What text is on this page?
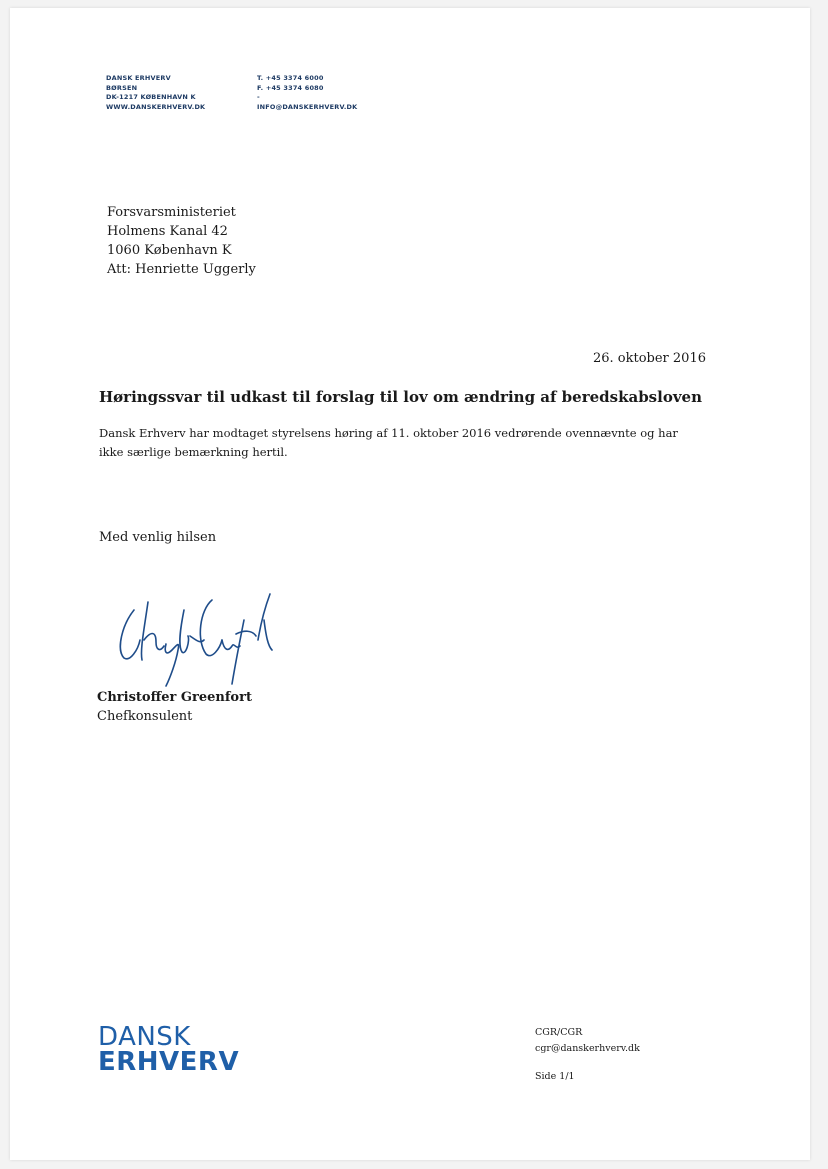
DANSK ERHVERV
BØRSEN
DK-1217 KØBENHAVN K
WWW.DANSKERHVERV.DK
T. +45 3374 6000
F. +45 3374 6080
-
INFO@DANSKERHVERV.DK
Forsvarsministeriet
Holmens Kanal 42
1060 København K
Att: Henriette Uggerly
26. oktober 2016
Høringssvar til udkast til forslag til lov om ændring af beredskabsloven
Dansk Erhverv har modtaget styrelsens høring af 11. oktober 2016 vedrørende ovennævnte og har ikke særlige bemærkning hertil.
Med venlig hilsen
Christoffer Greenfort
Chefkonsulent
DANSK
ERHVERV
CGR/CGR
cgr@danskerhverv.dk
Side 1/1
